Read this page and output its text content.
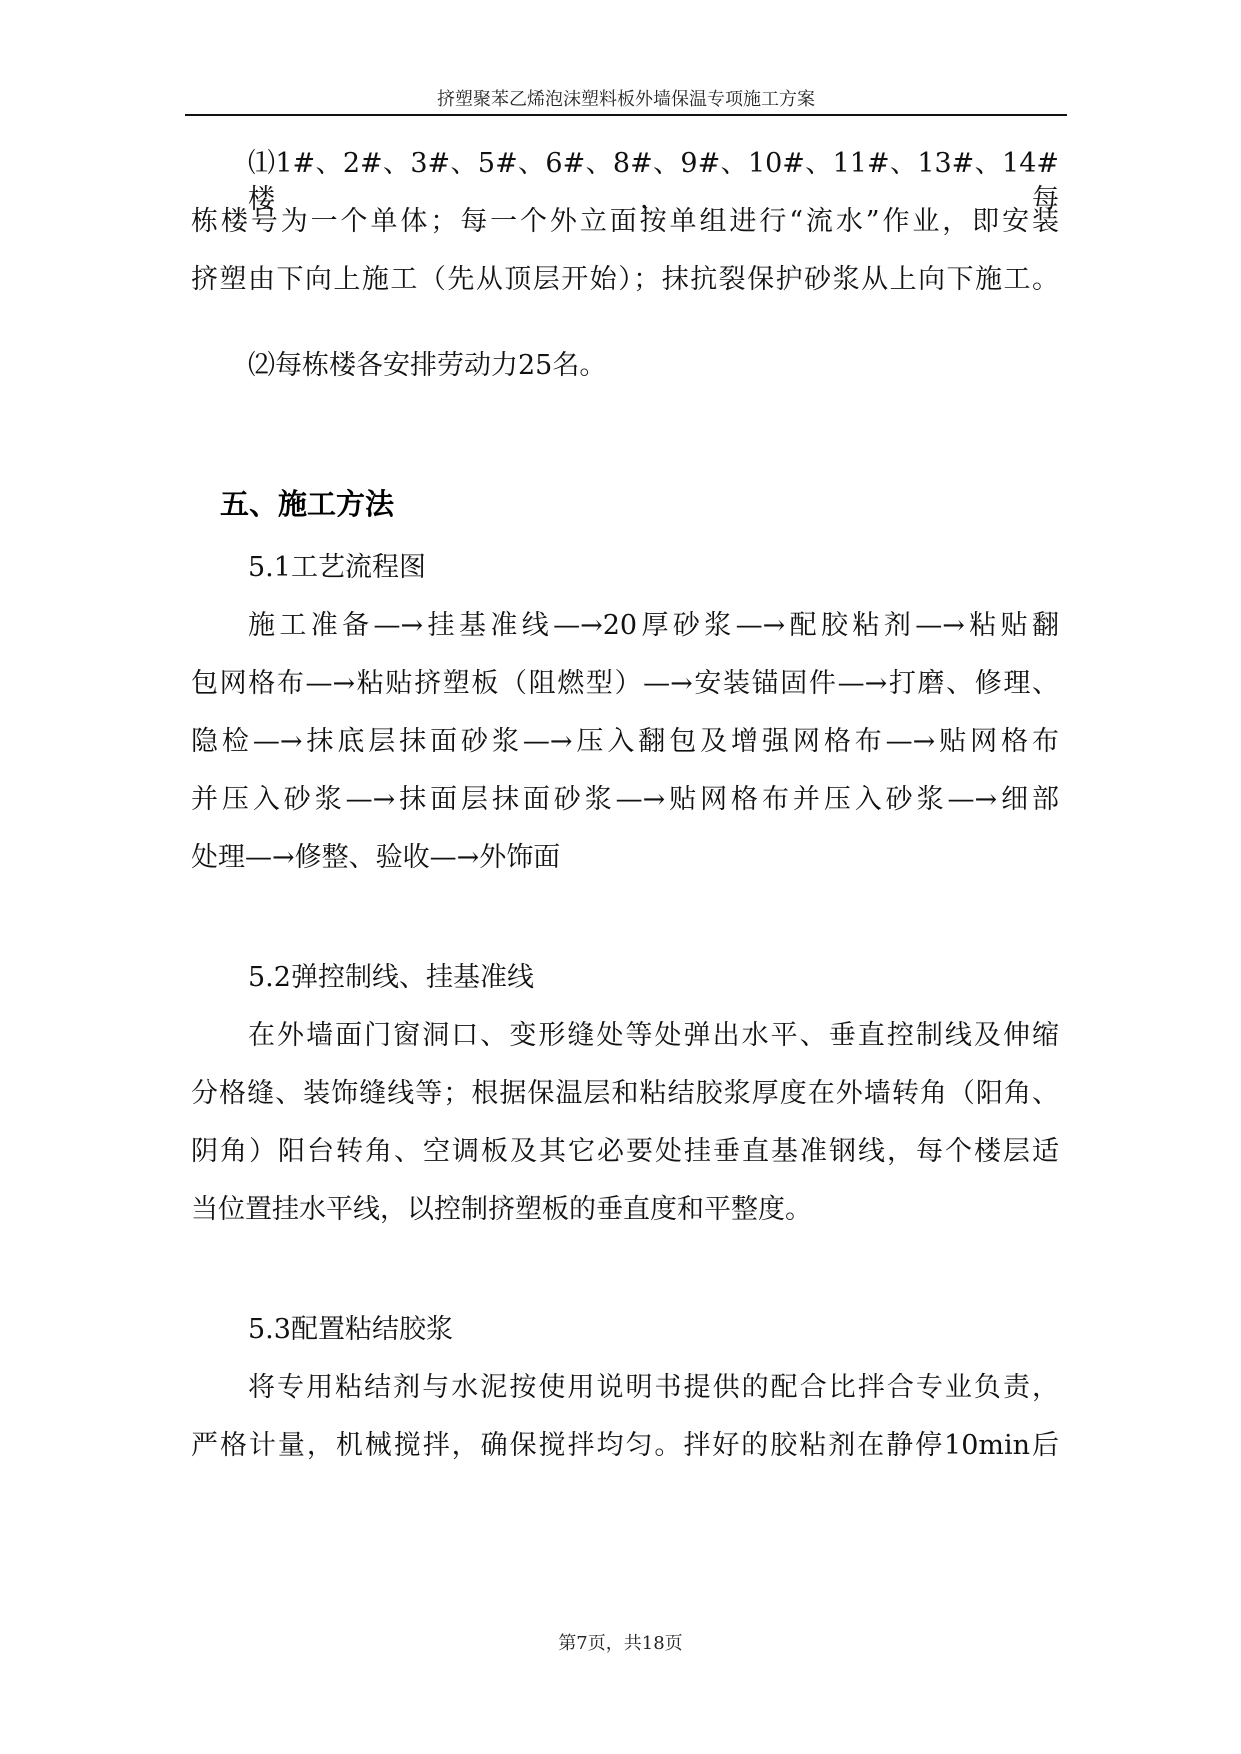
挤塑聚苯乙烯泡沫塑料板外墙保温专项施工方案
⑴1#、2#、3#、5#、6#、8#、9#、10#、11#、13#、14#楼，每
栋楼号为一个单体；每一个外立面按单组进行“流水”作业，即安装
挤塑由下向上施工（先从顶层开始）；抹抗裂保护砂浆从上向下施工。
⑵每栋楼各安排劳动力25名。
五、施工方法
5.1工艺流程图
施工准备—→挂基准线—→20厚砂浆—→配胶粘剂—→粘贴翻
包网格布—→粘贴挤塑板（阻燃型）—→安装锚固件—→打磨、修理、
隐检—→抹底层抹面砂浆—→压入翻包及增强网格布—→贴网格布
并压入砂浆—→抹面层抹面砂浆—→贴网格布并压入砂浆—→细部
处理—→修整、验收—→外饰面
5.2弹控制线、挂基准线
在外墙面门窗洞口、变形缝处等处弹出水平、垂直控制线及伸缩
分格缝、装饰缝线等；根据保温层和粘结胶浆厚度在外墙转角（阳角、
阴角）阳台转角、空调板及其它必要处挂垂直基准钢线，每个楼层适
当位置挂水平线，以控制挤塑板的垂直度和平整度。
5.3配置粘结胶浆
将专用粘结剂与水泥按使用说明书提供的配合比拌合专业负责，
严格计量，机械搅拌，确保搅拌均匀。拌好的胶粘剂在静停10min后
第7页，共18页
